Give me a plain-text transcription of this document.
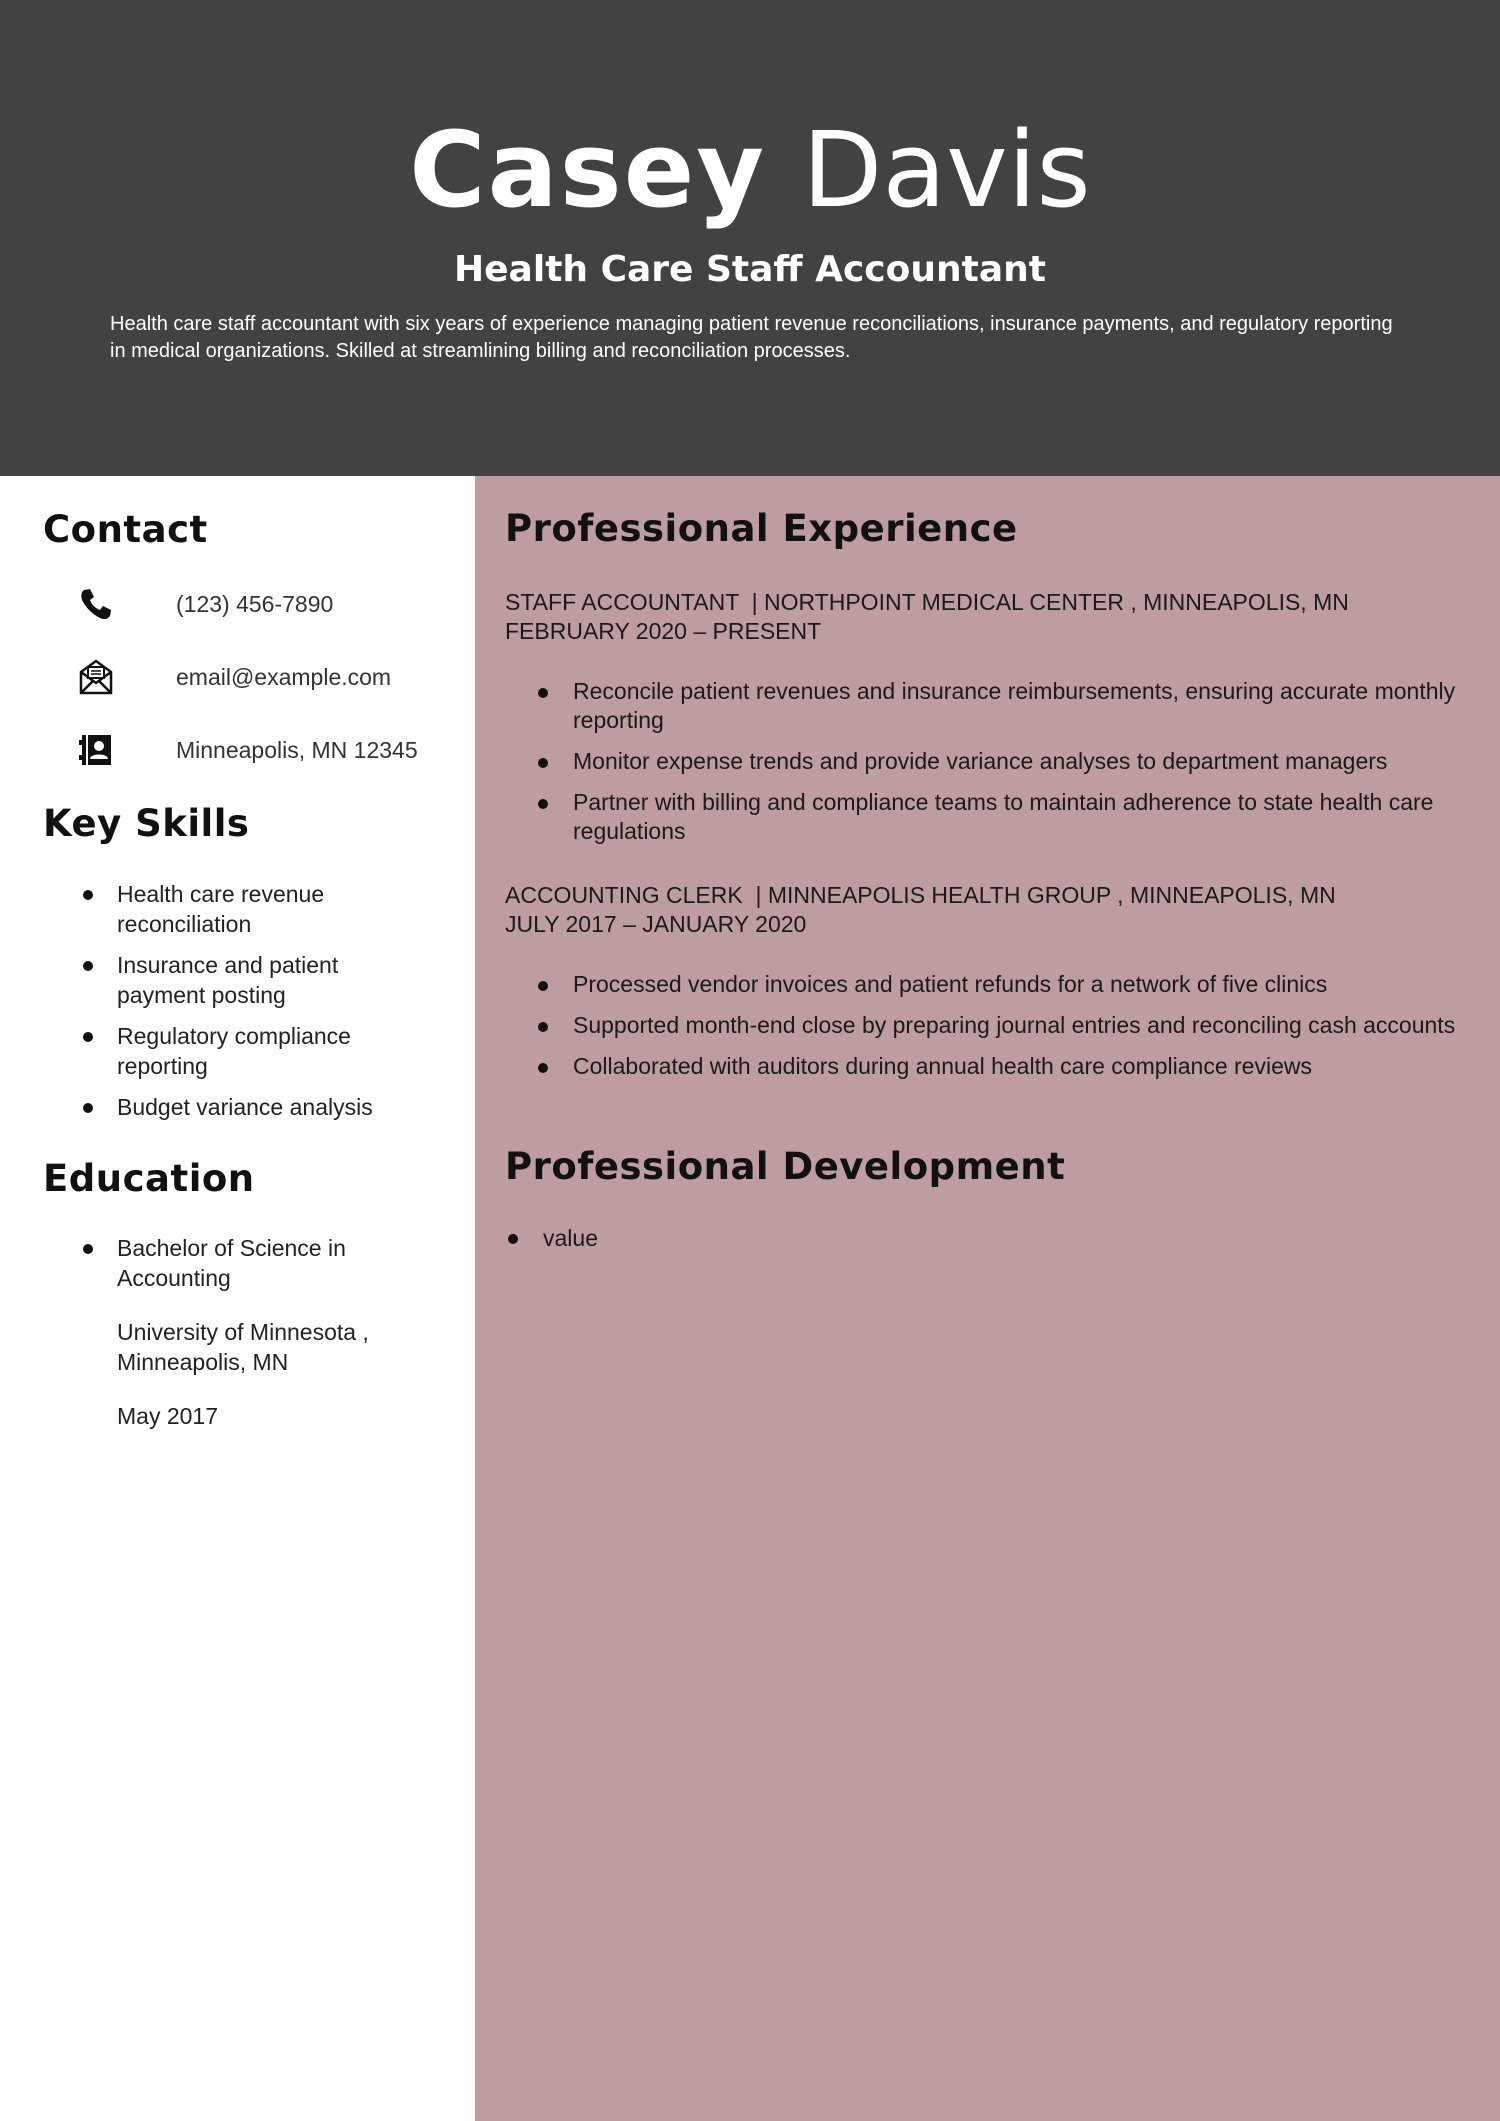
Casey Davis
Health Care Staff Accountant

Health care staff accountant with six years of experience managing patient revenue reconciliations, insurance payments, and regulatory reporting in medical organizations. Skilled at streamlining billing and reconciliation processes.

Contact
(123) 456-7890
email@example.com
Minneapolis, MN 12345
Key Skills
Health care revenue reconciliation
Insurance and patient payment posting
Regulatory compliance reporting
Budget variance analysis
Education
Bachelor of Science in Accounting
University of Minnesota , Minneapolis, MN
May 2017
Professional Experience
STAFF ACCOUNTANT  | NORTHPOINT MEDICAL CENTER , MINNEAPOLIS, MN
FEBRUARY 2020 – PRESENT
Reconcile patient revenues and insurance reimbursements, ensuring accurate monthly reporting
Monitor expense trends and provide variance analyses to department managers
Partner with billing and compliance teams to maintain adherence to state health care regulations
ACCOUNTING CLERK  | MINNEAPOLIS HEALTH GROUP , MINNEAPOLIS, MN
JULY 2017 – JANUARY 2020
Processed vendor invoices and patient refunds for a network of five clinics
Supported month-end close by preparing journal entries and reconciling cash accounts
Collaborated with auditors during annual health care compliance reviews
Professional Development
value
